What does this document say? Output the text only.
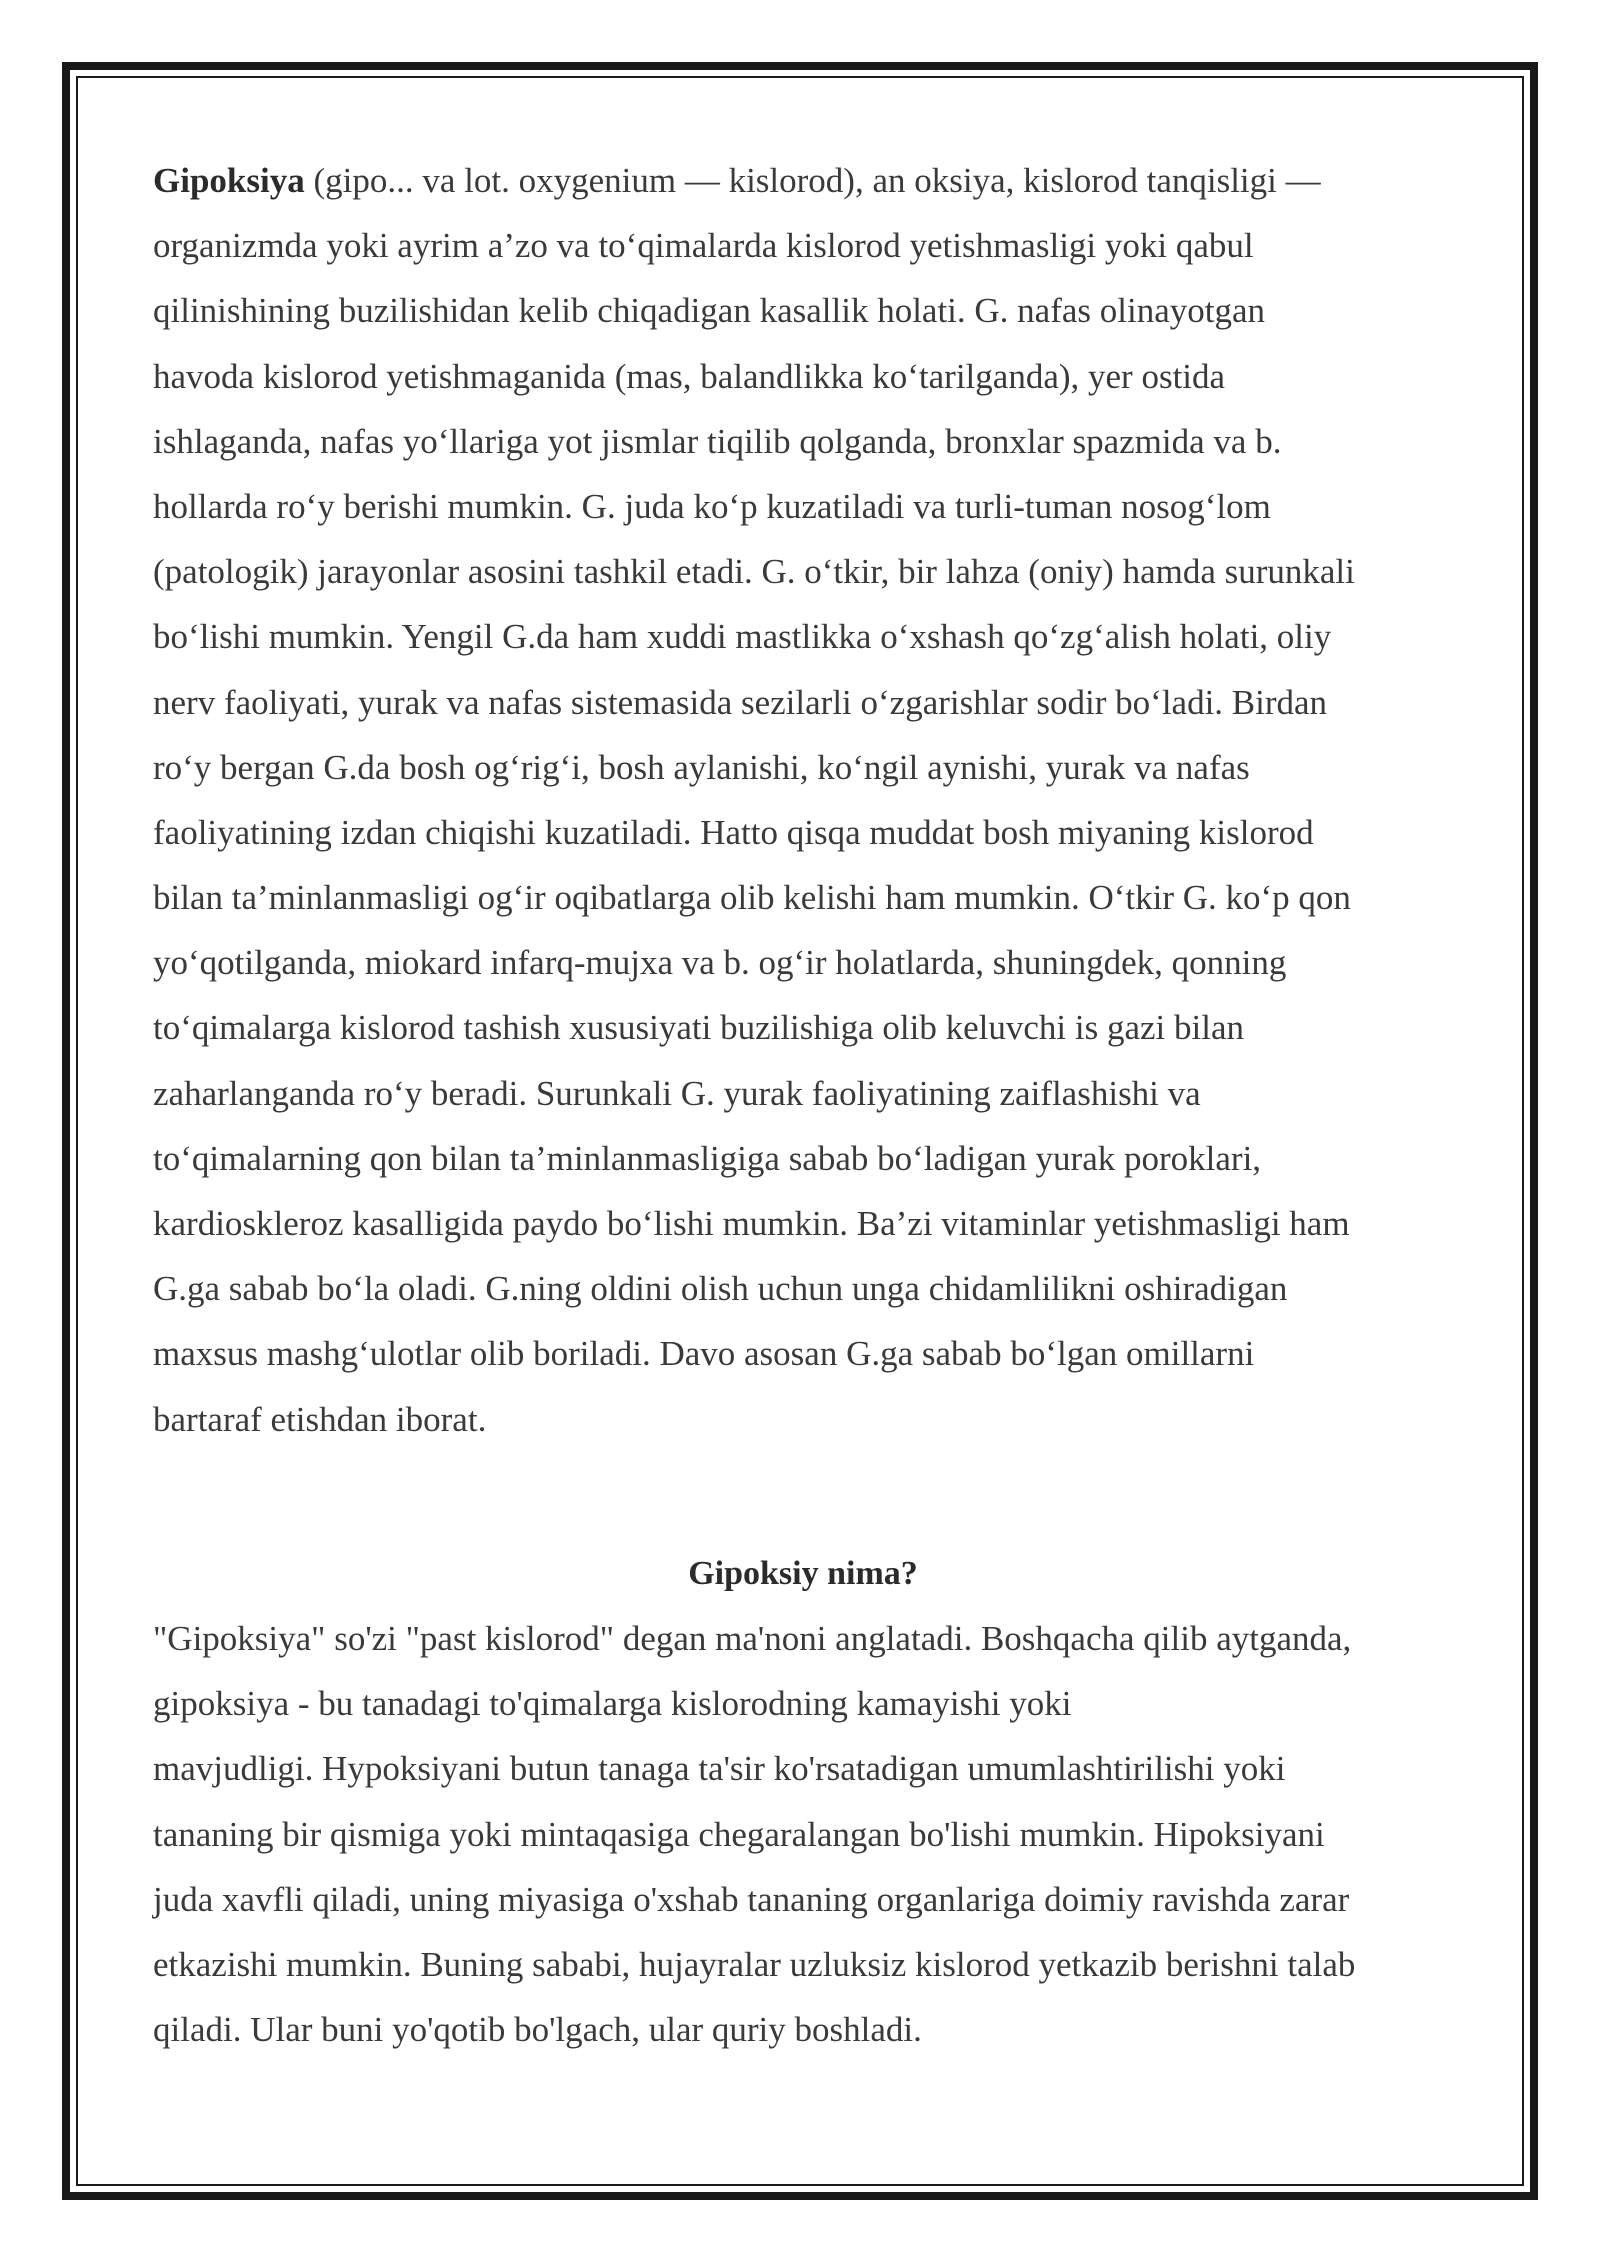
Gipoksiya (gipo... va lot. oxygenium — kislorod), an oksiya, kislorod tanqisligi —
organizmda yoki ayrim a’zo va to‘qimalarda kislorod yetishmasligi yoki qabul
qilinishining buzilishidan kelib chiqadigan kasallik holati. G. nafas olinayotgan
havoda kislorod yetishmaganida (mas, balandlikka ko‘tarilganda), yer ostida
ishlaganda, nafas yo‘llariga yot jismlar tiqilib qolganda, bronxlar spazmida va b.
hollarda ro‘y berishi mumkin. G. juda ko‘p kuzatiladi va turli-tuman nosog‘lom
(patologik) jarayonlar asosini tashkil etadi. G. o‘tkir, bir lahza (oniy) hamda surunkali
bo‘lishi mumkin. Yengil G.da ham xuddi mastlikka o‘xshash qo‘zg‘alish holati, oliy
nerv faoliyati, yurak va nafas sistemasida sezilarli o‘zgarishlar sodir bo‘ladi. Birdan
ro‘y bergan G.da bosh og‘rig‘i, bosh aylanishi, ko‘ngil aynishi, yurak va nafas
faoliyatining izdan chiqishi kuzatiladi. Hatto qisqa muddat bosh miyaning kislorod
bilan ta’minlanmasligi og‘ir oqibatlarga olib kelishi ham mumkin. O‘tkir G. ko‘p qon
yo‘qotilganda, miokard infarq-mujxa va b. og‘ir holatlarda, shuningdek, qonning
to‘qimalarga kislorod tashish xususiyati buzilishiga olib keluvchi is gazi bilan
zaharlanganda ro‘y beradi. Surunkali G. yurak faoliyatining zaiflashishi va
to‘qimalarning qon bilan ta’minlanmasligiga sabab bo‘ladigan yurak poroklari,
kardioskleroz kasalligida paydo bo‘lishi mumkin. Ba’zi vitaminlar yetishmasligi ham
G.ga sabab bo‘la oladi. G.ning oldini olish uchun unga chidamlilikni oshiradigan
maxsus mashg‘ulotlar olib boriladi. Davo asosan G.ga sabab bo‘lgan omillarni
bartaraf etishdan iborat.

Gipoksiy nima?

"Gipoksiya" so'zi "past kislorod" degan ma'noni anglatadi. Boshqacha qilib aytganda,
gipoksiya - bu tanadagi to'qimalarga kislorodning kamayishi yoki
mavjudligi. Hypoksiyani butun tanaga ta'sir ko'rsatadigan umumlashtirilishi yoki
tananing bir qismiga yoki mintaqasiga chegaralangan bo'lishi mumkin. Hipoksiyani
juda xavfli qiladi, uning miyasiga o'xshab tananing organlariga doimiy ravishda zarar
etkazishi mumkin. Buning sababi, hujayralar uzluksiz kislorod yetkazib berishni talab
qiladi. Ular buni yo'qotib bo'lgach, ular quriy boshladi.
